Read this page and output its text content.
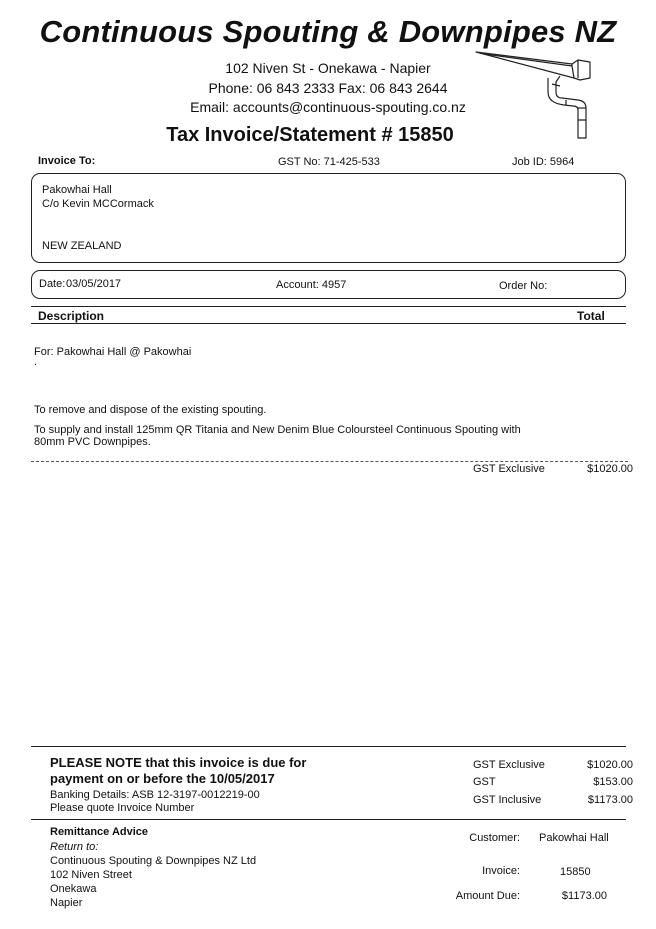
Continuous Spouting & Downpipes NZ
102 Niven St - Onekawa - Napier
Phone: 06 843 2333 Fax: 06 843 2644
Email: accounts@continuous-spouting.co.nz
Tax Invoice/Statement # 15850
Invoice To:	GST No: 71-425-533	Job ID: 5964
Pakowhai Hall
C/o Kevin MCCormack
NEW ZEALAND
Date: 03/05/2017	Account: 4957	Order No:
Description	Total
For: Pakowhai Hall @ Pakowhai
.
To remove and dispose of the existing spouting.
To supply and install 125mm QR Titania and New Denim Blue Coloursteel Continuous Spouting with 80mm PVC Downpipes.
GST Exclusive	$1020.00
PLEASE NOTE that this invoice is due for
payment on or before the 10/05/2017
Banking Details: ASB 12-3197-0012219-00
Please quote Invoice Number
GST Exclusive	$1020.00
GST	$153.00
GST Inclusive	$1173.00
Remittance Advice
Return to:
Continuous Spouting & Downpipes NZ Ltd
102 Niven Street
Onekawa
Napier
Customer: Pakowhai Hall
Invoice:	15850
Amount Due:	$1173.00
